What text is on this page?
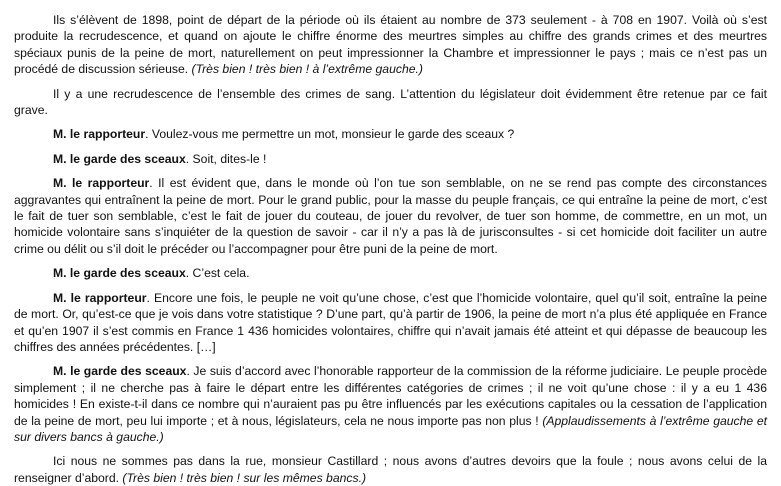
Ils s’élèvent de 1898, point de départ de la période où ils étaient au nombre de 373 seulement - à 708 en 1907. Voilà où s’est produite la recrudescence, et quand on ajoute le chiffre énorme des meurtres simples au chiffre des grands crimes et des meurtres spéciaux punis de la peine de mort, naturellement on peut impressionner la Chambre et impressionner le pays ; mais ce n’est pas un procédé de discussion sérieuse. (Très bien ! très bien ! à l’extrême gauche.)

Il y a une recrudescence de l’ensemble des crimes de sang. L’attention du législateur doit évidemment être retenue par ce fait grave.

M. le rapporteur. Voulez-vous me permettre un mot, monsieur le garde des sceaux ?

M. le garde des sceaux. Soit, dites-le !

M. le rapporteur. Il est évident que, dans le monde où l’on tue son semblable, on ne se rend pas compte des circonstances aggravantes qui entraînent la peine de mort. Pour le grand public, pour la masse du peuple français, ce qui entraîne la peine de mort, c’est le fait de tuer son semblable, c’est le fait de jouer du couteau, de jouer du revolver, de tuer son homme, de commettre, en un mot, un homicide volontaire sans s’inquiéter de la question de savoir - car il n’y a pas là de jurisconsultes - si cet homicide doit faciliter un autre crime ou délit ou s’il doit le précéder ou l’accompagner pour être puni de la peine de mort.

M. le garde des sceaux. C’est cela.

M. le rapporteur. Encore une fois, le peuple ne voit qu’une chose, c’est que l’homicide volontaire, quel qu’il soit, entraîne la peine de mort. Or, qu’est-ce que je vois dans votre statistique ? D’une part, qu’à partir de 1906, la peine de mort n’a plus été appliquée en France et qu’en 1907 il s’est commis en France 1 436 homicides volontaires, chiffre qui n’avait jamais été atteint et qui dépasse de beaucoup les chiffres des années précédentes. […]

M. le garde des sceaux. Je suis d’accord avec l’honorable rapporteur de la commission de la réforme judiciaire. Le peuple procède simplement ; il ne cherche pas à faire le départ entre les différentes catégories de crimes ; il ne voit qu’une chose : il y a eu 1 436 homicides ! En existe-t-il dans ce nombre qui n’auraient pas pu être influencés par les exécutions capitales ou la cessation de l’application de la peine de mort, peu lui importe ; et à nous, législateurs, cela ne nous importe pas non plus ! (Applaudissements à l’extrême gauche et sur divers bancs à gauche.)

Ici nous ne sommes pas dans la rue, monsieur Castillard ; nous avons d’autres devoirs que la foule ; nous avons celui de la renseigner d’abord. (Très bien ! très bien ! sur les mêmes bancs.)
